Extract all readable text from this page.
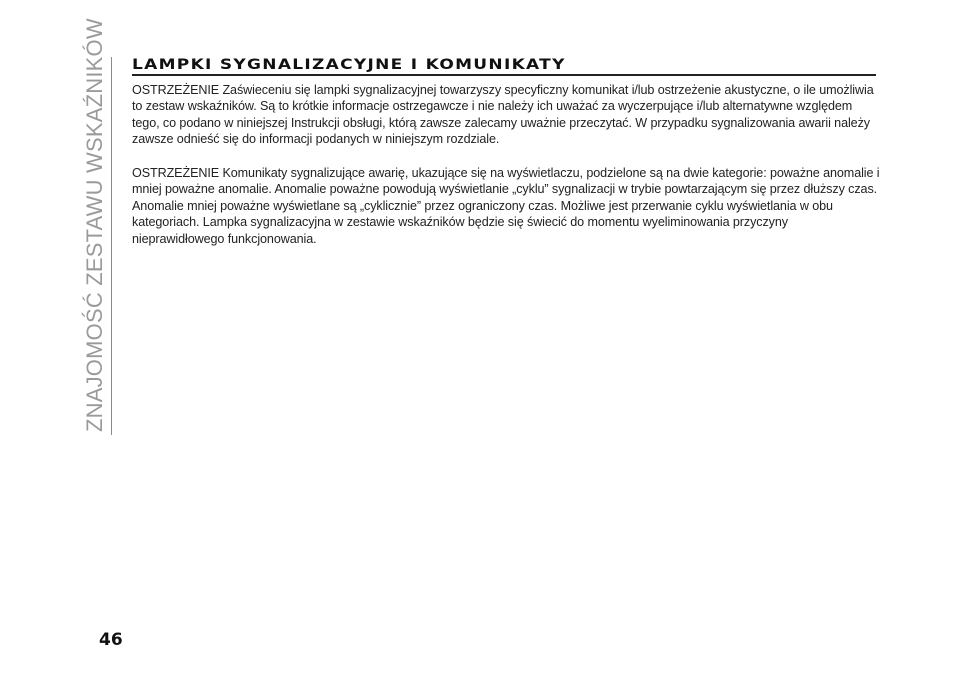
ZNAJOMOŚĆ ZESTAWU WSKAŹNIKÓW LAMPKI SYGNALIZACYJNE I KOMUNIKATY
OSTRZEŻENIE Zaświeceniu się lampki sygnalizacyjnej towarzyszy specyficzny komunikat i/lub ostrzeżenie akustyczne, o ile umożliwia to zestaw wskaźników. Są to krótkie informacje ostrzegawcze i nie należy ich uważać za wyczerpujące i/lub alternatywne względem tego, co podano w niniejszej Instrukcji obsługi, którą zawsze zalecamy uważnie przeczytać. W przypadku sygnalizowania awarii należy zawsze odnieść się do informacji podanych w niniejszym rozdziale.
OSTRZEŻENIE Komunikaty sygnalizujące awarię, ukazujące się na wyświetlaczu, podzielone są na dwie kategorie: poważne anomalie i mniej poważne anomalie. Anomalie poważne powodują wyświetlanie „cyklu” sygnalizacji w trybie powtarzającym się przez dłuższy czas. Anomalie mniej poważne wyświetlane są „cyklicznie” przez ograniczony czas. Możliwe jest przerwanie cyklu wyświetlania w obu kategoriach. Lampka sygnalizacyjna w zestawie wskaźników będzie się świecić do momentu wyeliminowania przyczyny nieprawidłowego funkcjonowania.
46
